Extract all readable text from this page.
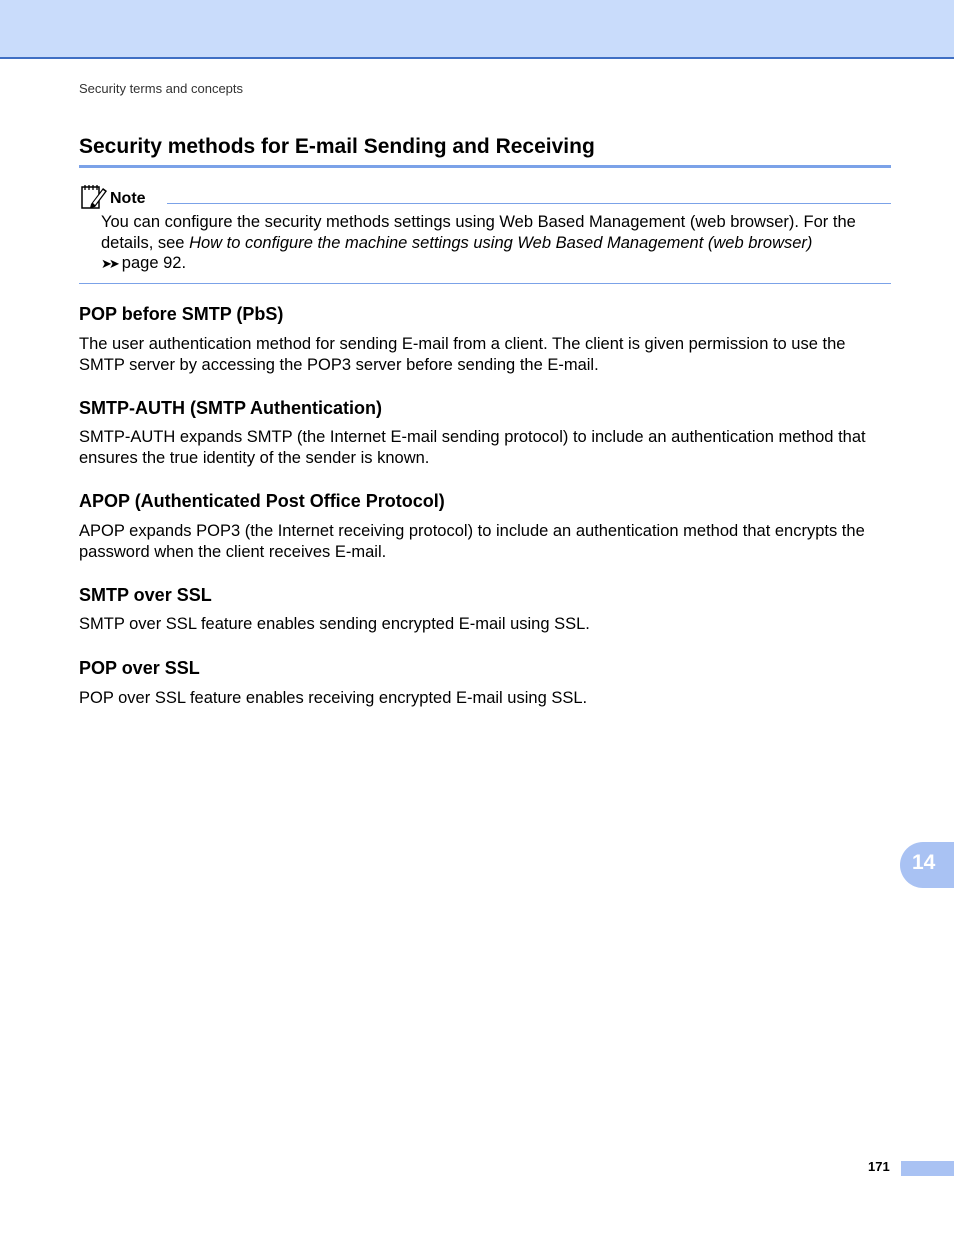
Security terms and concepts
Security methods for E-mail Sending and Receiving
Note

You can configure the security methods settings using Web Based Management (web browser). For the details, see How to configure the machine settings using Web Based Management (web browser)
➤➤ page 92.

POP before SMTP (PbS)

The user authentication method for sending E-mail from a client. The client is given permission to use the SMTP server by accessing the POP3 server before sending the E-mail.

SMTP-AUTH (SMTP Authentication)

SMTP-AUTH expands SMTP (the Internet E-mail sending protocol) to include an authentication method that ensures the true identity of the sender is known.

APOP (Authenticated Post Office Protocol)

APOP expands POP3 (the Internet receiving protocol) to include an authentication method that encrypts the password when the client receives E-mail.

SMTP over SSL

SMTP over SSL feature enables sending encrypted E-mail using SSL.

POP over SSL

POP over SSL feature enables receiving encrypted E-mail using SSL.

14
171
